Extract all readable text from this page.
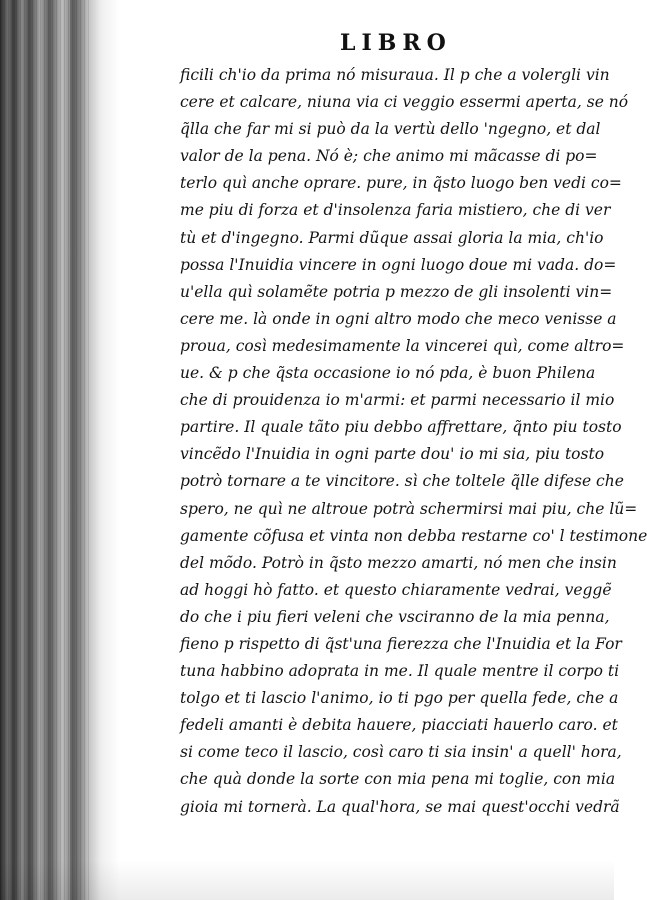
LIBRO
ficili ch'io da prima nó misuraua. Il p che a volergli vin
cere et calcare, niuna via ci veggio essermi aperta, se nó
q̃lla che far mi si può da la vertù dello 'ngegno, et dal
valor de la pena. Nó è; che animo mi mãcasse di po=
terlo quì anche oprare. pure, in q̃sto luogo ben vedi co=
me piu di forza et d'insolenza faria mistiero, che di ver
tù et d'ingegno. Parmi dũque assai gloria la mia, ch'io
possa l'Inuidia vincere in ogni luogo doue mi vada. do=
u'ella quì solamẽte potria p mezzo de gli insolenti vin=
cere me. là onde in ogni altro modo che meco venisse a
proua, così medesimamente la vincerei quì, come altro=
ue. & p che q̃sta occasione io nó pda, è buon Philena
che di prouidenza io m'armi: et parmi necessario il mio
partire. Il quale tãto piu debbo affrettare, q̃nto piu tosto
vincẽdo l'Inuidia in ogni parte dou' io mi sia, piu tosto
potrò tornare a te vincitore. sì che toltele q̃lle difese che
spero, ne quì ne altroue potrà schermirsi mai piu, che lũ=
gamente cõfusa et vinta non debba restarne co' l testimone
del mõdo. Potrò in q̃sto mezzo amarti, nó men che insin
ad hoggi hò fatto. et questo chiaramente vedrai, veggẽ
do che i piu fieri veleni che vsciranno de la mia penna,
fieno p rispetto di q̃st'una fierezza che l'Inuidia et la For
tuna habbino adoprata in me. Il quale mentre il corpo ti
tolgo et ti lascio l'animo, io ti pgo per quella fede, che a
fedeli amanti è debita hauere, piacciati hauerlo caro. et
si come teco il lascio, così caro ti sia insin' a quell' hora,
che quà donde la sorte con mia pena mi toglie, con mia
gioia mi tornerà. La qual'hora, se mai quest'occhi vedrã
